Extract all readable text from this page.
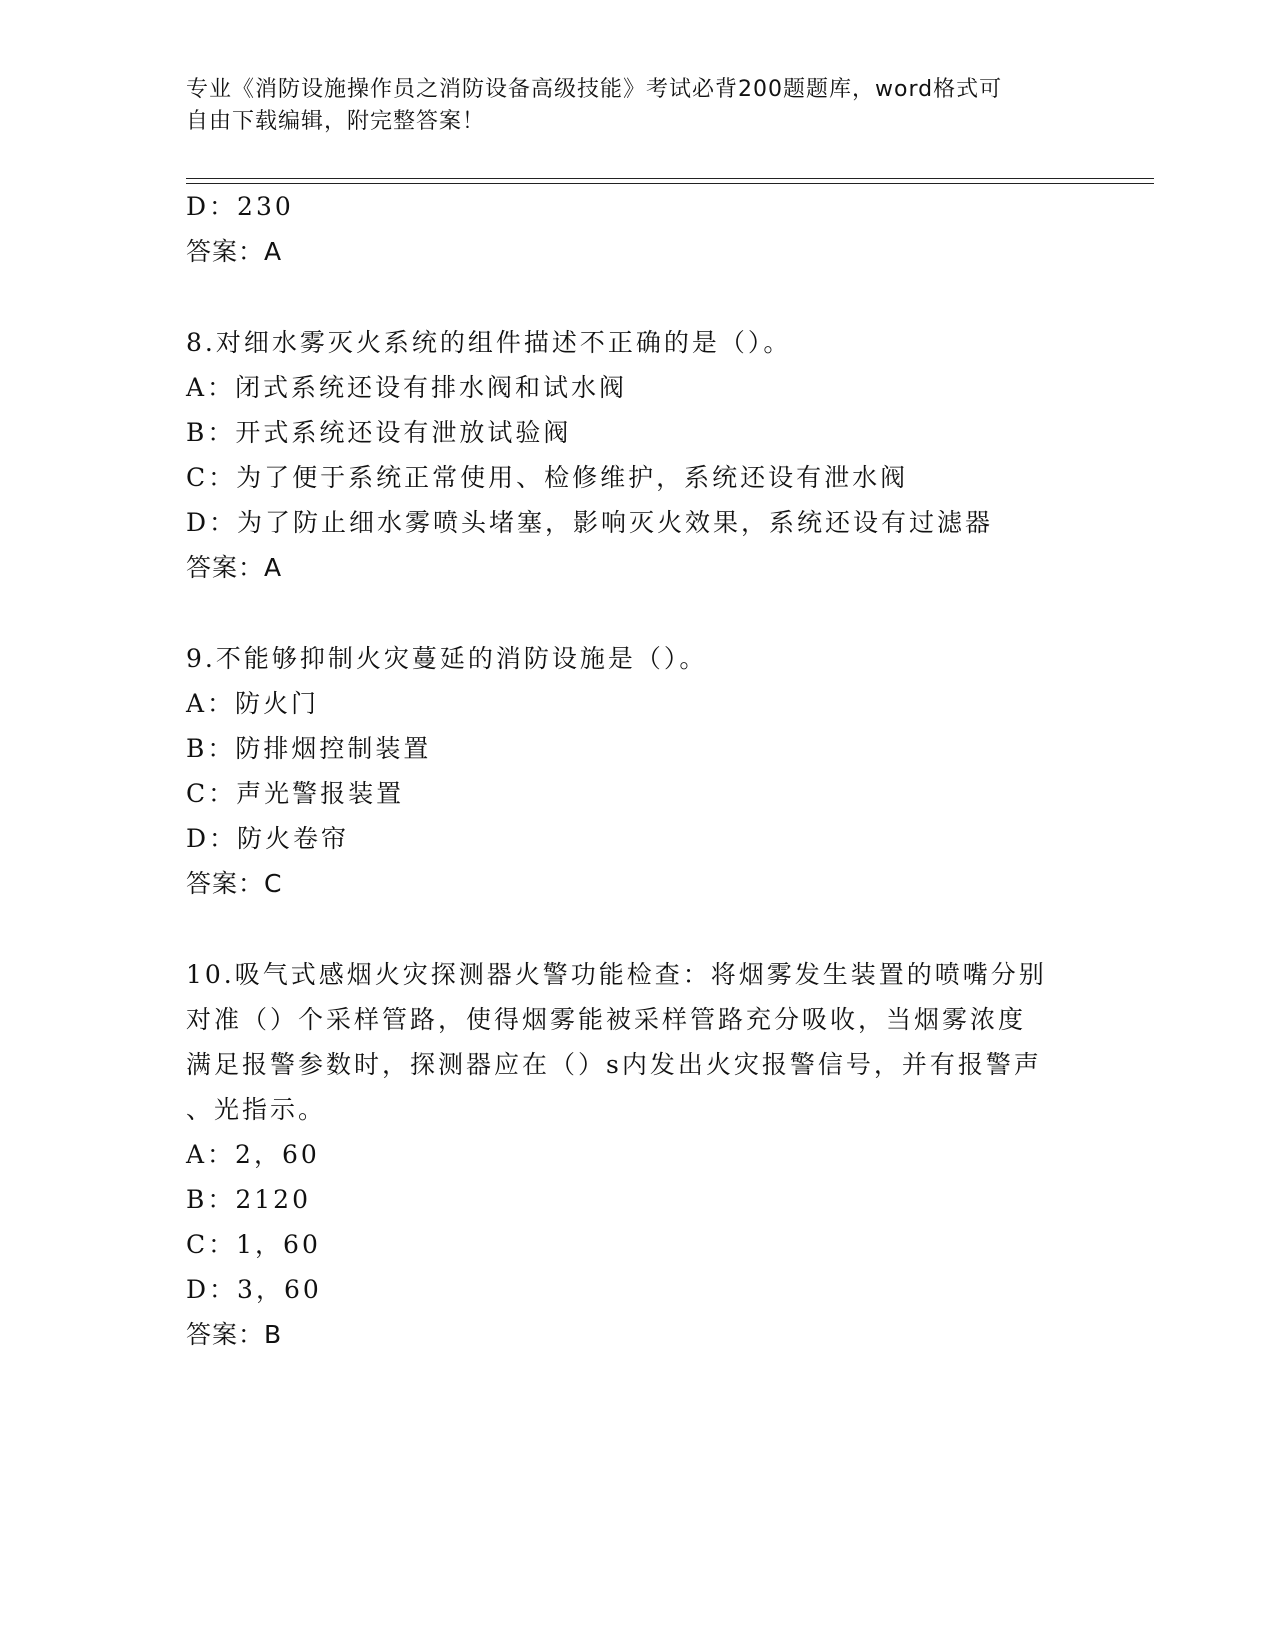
专业《消防设施操作员之消防设备高级技能》考试必背200题题库，word格式可
自由下载编辑，附完整答案！
D：230
答案：A
8.对细水雾灭火系统的组件描述不正确的是（）。
A：闭式系统还设有排水阀和试水阀
B：开式系统还设有泄放试验阀
C：为了便于系统正常使用、检修维护，系统还设有泄水阀
D：为了防止细水雾喷头堵塞，影响灭火效果，系统还设有过滤器
答案：A
9.不能够抑制火灾蔓延的消防设施是（）。
A：防火门
B：防排烟控制装置
C：声光警报装置
D：防火卷帘
答案：C
10.吸气式感烟火灾探测器火警功能检查：将烟雾发生装置的喷嘴分别
对准（）个采样管路，使得烟雾能被采样管路充分吸收，当烟雾浓度
满足报警参数时，探测器应在（）s内发出火灾报警信号，并有报警声
、光指示。
A：2，60
B：2120
C：1，60
D：3，60
答案：B
